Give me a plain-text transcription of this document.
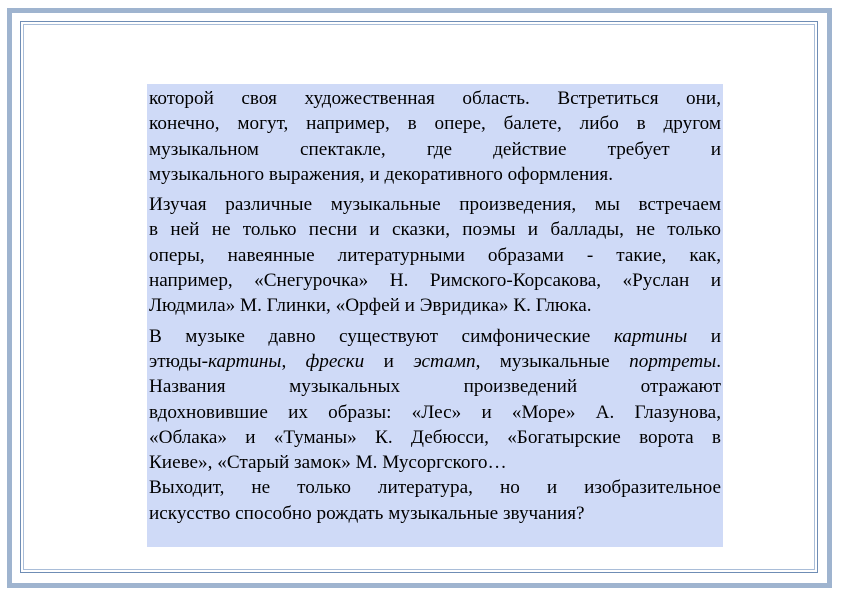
которой своя художественная область. Встретиться они,
конечно, могут, например, в опере, балете, либо в другом
музыкальном спектакле, где действие требует и
музыкального выражения, и декоративного оформления.
Изучая различные музыкальные произведения, мы встречаем
в ней не только песни и сказки, поэмы и баллады, не только
оперы, навеянные литературными образами - такие, как,
например, «Снегурочка» Н. Римского-Корсакова, «Руслан и
Людмила» М. Глинки, «Орфей и Эвридика» К. Глюка.
В музыке давно существуют симфонические картины и
этюды-картины, фрески и эстамп, музыкальные портреты.
Названия музыкальных произведений отражают
вдохновившие их образы: «Лес» и «Море» А. Глазунова,
«Облака» и «Туманы» К. Дебюсси, «Богатырские ворота в
Киеве», «Старый замок» М. Мусоргского…
Выходит, не только литература, но и изобразительное
искусство способно рождать музыкальные звучания?
